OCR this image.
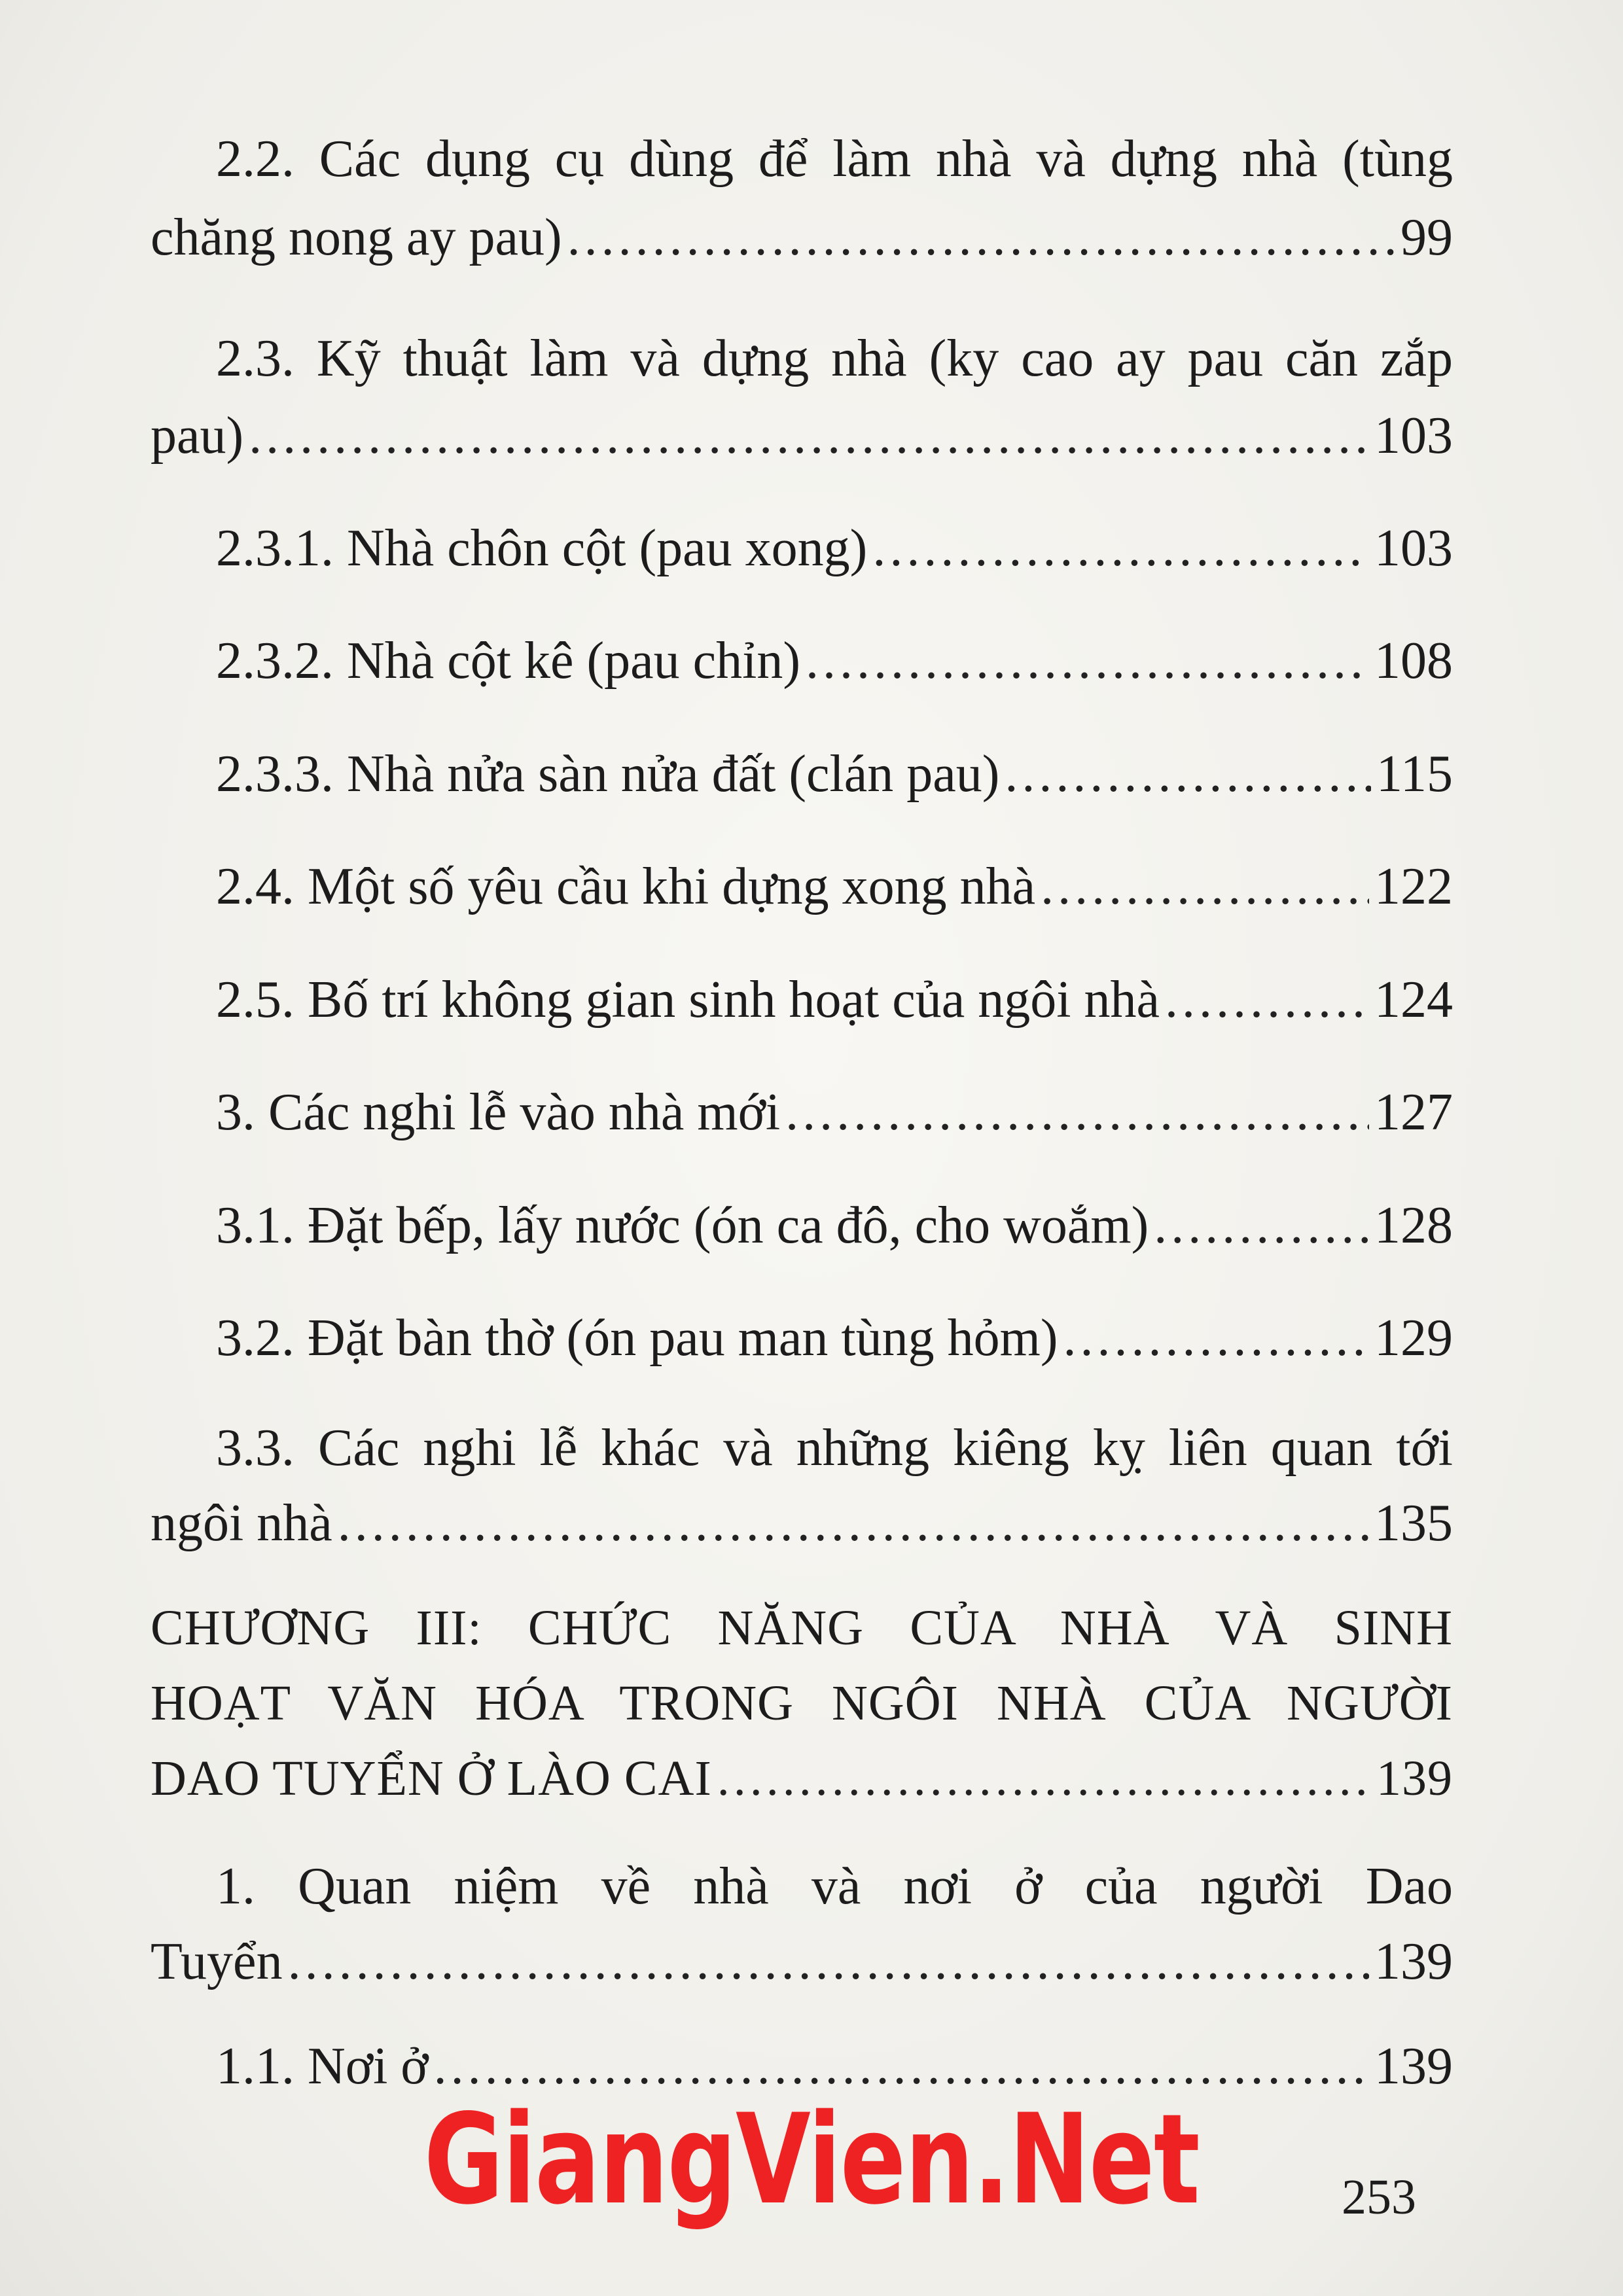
2.2. Các dụng cụ dùng để làm nhà và dựng nhà (tùng
chăng nong ay pau) .....	99
2.3. Kỹ thuật làm và dựng nhà (ky cao ay pau căn zắp
pau) .....	103
2.3.1. Nhà chôn cột (pau xong) .....	103
2.3.2. Nhà cột kê (pau chỉn) .....	108
2.3.3. Nhà nửa sàn nửa đất (clán pau) .....	115
2.4. Một số yêu cầu khi dựng xong nhà .....	122
2.5. Bố trí không gian sinh hoạt của ngôi nhà .....	124
3. Các nghi lễ vào nhà mới .....	127
3.1. Đặt bếp, lấy nước (ón ca đô, cho woắm) .....	128
3.2. Đặt bàn thờ (ón pau man tùng hỏm) .....	129
3.3. Các nghi lễ khác và những kiêng kỵ liên quan tới
ngôi nhà .....	135
CHƯƠNG III: CHỨC NĂNG CỦA NHÀ VÀ SINH
HOẠT VĂN HÓA TRONG NGÔI NHÀ CỦA NGƯỜI
DAO TUYỂN Ở LÀO CAI .....	139
1. Quan niệm về nhà và nơi ở của người Dao
Tuyển .....	139
1.1. Nơi ở .....	139
GiangVien.Net	253
